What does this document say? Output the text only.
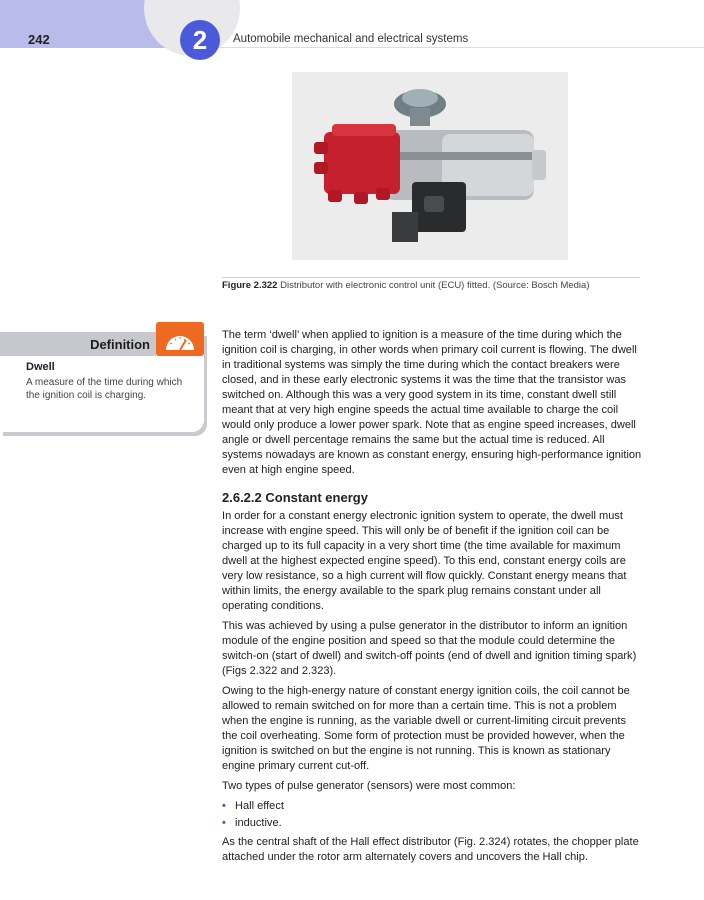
242	2	Automobile mechanical and electrical systems
Figure 2.322 Distributor with electronic control unit (ECU) fitted. (Source: Bosch Media)
Definition
Dwell
A measure of the time during which the ignition coil is charging.

The term ‘dwell’ when applied to ignition is a measure of the time during which the ignition coil is charging, in other words when primary coil current is flowing. The dwell in traditional systems was simply the time during which the contact breakers were closed, and in these early electronic systems it was the time that the transistor was switched on. Although this was a very good system in its time, constant dwell still meant that at very high engine speeds the actual time available to charge the coil would only produce a lower power spark. Note that as engine speed increases, dwell angle or dwell percentage remains the same but the actual time is reduced. All systems nowadays are known as constant energy, ensuring high-performance ignition even at high engine speed.

2.6.2.2 Constant energy

In order for a constant energy electronic ignition system to operate, the dwell must increase with engine speed. This will only be of benefit if the ignition coil can be charged up to its full capacity in a very short time (the time available for maximum dwell at the highest expected engine speed). To this end, constant energy coils are very low resistance, so a high current will flow quickly. Constant energy means that within limits, the energy available to the spark plug remains constant under all operating conditions.

This was achieved by using a pulse generator in the distributor to inform an ignition module of the engine position and speed so that the module could determine the switch-on (start of dwell) and switch-off points (end of dwell and ignition timing spark) (Figs 2.322 and 2.323).

Owing to the high-energy nature of constant energy ignition coils, the coil cannot be allowed to remain switched on for more than a certain time. This is not a problem when the engine is running, as the variable dwell or current-limiting circuit prevents the coil overheating. Some form of protection must be provided however, when the ignition is switched on but the engine is not running. This is known as stationary engine primary current cut-off.

Two types of pulse generator (sensors) were most common:

• Hall effect
• inductive.

As the central shaft of the Hall effect distributor (Fig. 2.324) rotates, the chopper plate attached under the rotor arm alternately covers and uncovers the Hall chip.
